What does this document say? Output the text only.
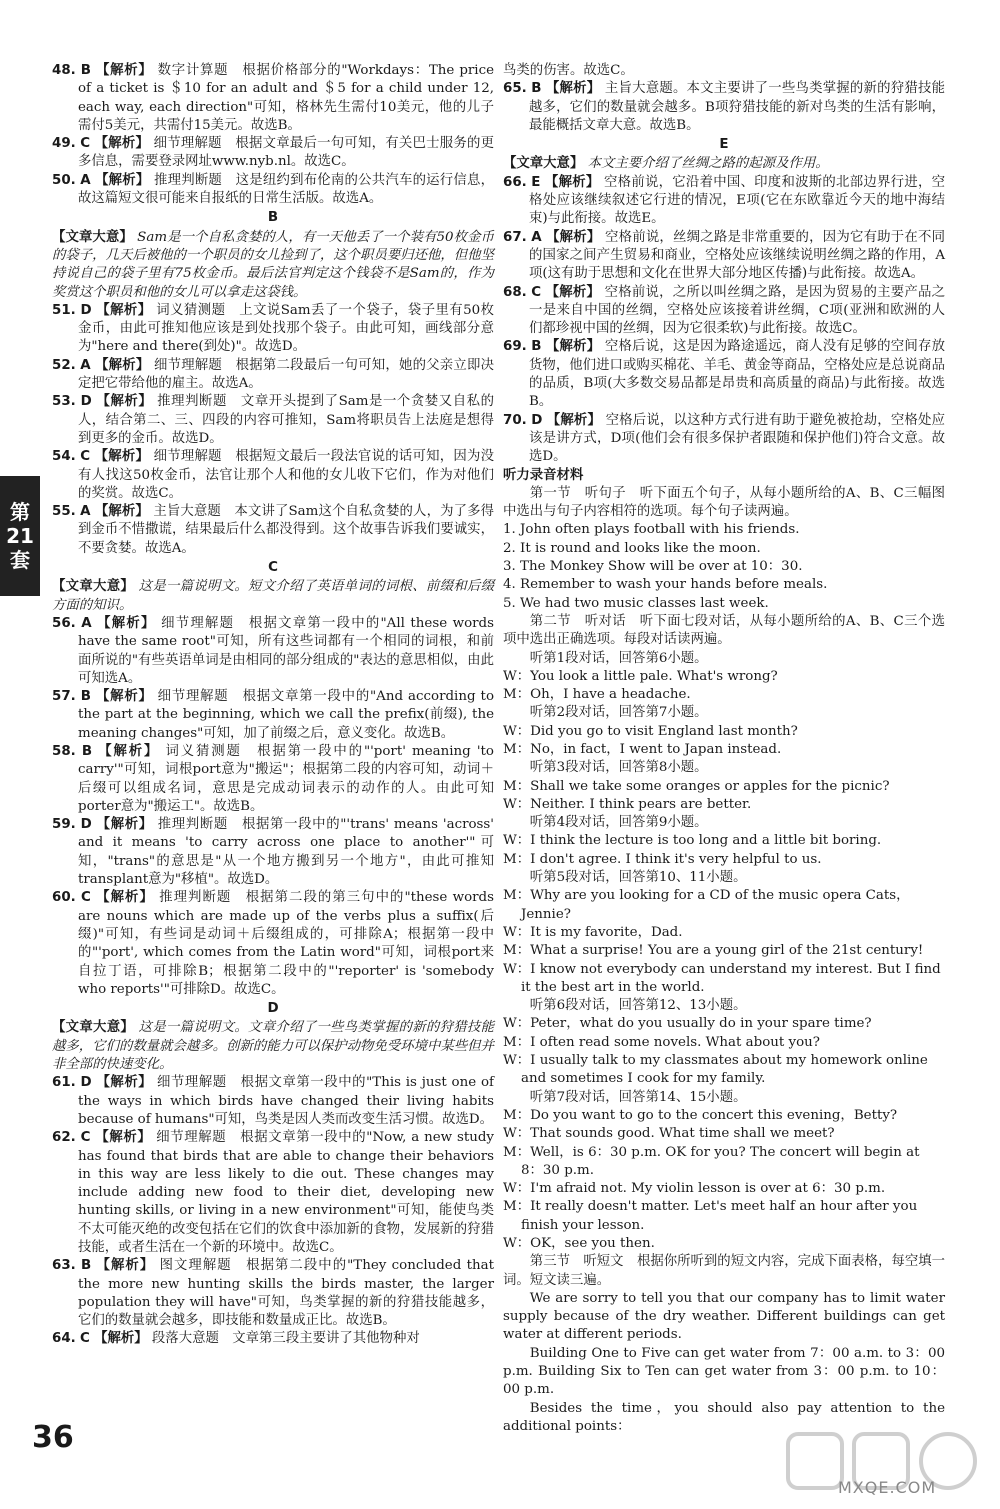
48. B 【解析】 数字计算题　根据价格部分的"Workdays：The price of a ticket is ＄10 for an adult and ＄5 for a child under 12, each way, each direction"可知，格林先生需付10美元，他的儿子需付5美元，共需付15美元。故选B。

49. C 【解析】 细节理解题　根据文章最后一句可知，有关巴士服务的更多信息，需要登录网址www.nyb.nl。故选C。

50. A 【解析】 推理判断题　这是纽约到布伦南的公共汽车的运行信息，故这篇短文很可能来自报纸的日常生活版。故选A。

B

【文章大意】 Sam是一个自私贪婪的人，有一天他丢了一个装有50枚金币的袋子，几天后被他的一个职员的女儿捡到了，这个职员要归还他，但他坚持说自己的袋子里有75枚金币。最后法官判定这个钱袋不是Sam的，作为奖赏这个职员和他的女儿可以拿走这袋钱。

51. D 【解析】 词义猜测题　上文说Sam丢了一个袋子，袋子里有50枚金币，由此可推知他应该是到处找那个袋子。由此可知，画线部分意为"here and there(到处)"。故选D。

52. A 【解析】 细节理解题　根据第二段最后一句可知，她的父亲立即决定把它带给他的雇主。故选A。

53. D 【解析】 推理判断题　文章开头提到了Sam是一个贪婪又自私的人，结合第二、三、四段的内容可推知，Sam将职员告上法庭是想得到更多的金币。故选D。

54. C 【解析】 细节理解题　根据短文最后一段法官说的话可知，因为没有人找这50枚金币，法官让那个人和他的女儿收下它们，作为对他们的奖赏。故选C。

55. A 【解析】 主旨大意题　本文讲了Sam这个自私贪婪的人，为了多得到金币不惜撒谎，结果最后什么都没得到。这个故事告诉我们要诚实，不要贪婪。故选A。

C

【文章大意】 这是一篇说明文。短文介绍了英语单词的词根、前缀和后缀方面的知识。

56. A 【解析】 细节理解题　根据文章第一段中的"All these words have the same root"可知，所有这些词都有一个相同的词根，和前面所说的"有些英语单词是由相同的部分组成的"表达的意思相似，由此可知选A。

57. B 【解析】 细节理解题　根据文章第一段中的"And according to the part at the beginning, which we call the prefix(前缀), the meaning changes"可知，加了前缀之后，意义变化。故选B。

58. B 【解析】 词义猜测题　根据第一段中的"'port' meaning 'to carry'"可知，词根port意为"搬运"；根据第二段的内容可知，动词＋后缀可以组成名词，意思是完成动词表示的动作的人。由此可知porter意为"搬运工"。故选B。

59. D 【解析】 推理判断题　根据第一段中的"'trans' means 'across' and it means 'to carry across one place to another'"可知，"trans"的意思是"从一个地方搬到另一个地方"，由此可推知transplant意为"移植"。故选D。

60. C 【解析】 推理判断题　根据第二段的第三句中的"these words are nouns which are made up of the verbs plus a suffix(后缀)"可知，有些词是动词＋后缀组成的，可排除A；根据第一段中的"'port', which comes from the Latin word"可知，词根port来自拉丁语，可排除B；根据第二段中的"'reporter' is 'somebody who reports'"可排除D。故选C。

D

【文章大意】 这是一篇说明文。文章介绍了一些鸟类掌握的新的狩猎技能越多，它们的数量就会越多。创新的能力可以保护动物免受环境中某些但并非全部的快速变化。

61. D 【解析】 细节理解题　根据文章第一段中的"This is just one of the ways in which birds have changed their living habits because of humans"可知，鸟类是因人类而改变生活习惯。故选D。

62. C 【解析】 细节理解题　根据文章第一段中的"Now, a new study has found that birds that are able to change their behaviors in this way are less likely to die out. These changes may include adding new food to their diet, developing new hunting skills, or living in a new environment"可知，能使鸟类不太可能灭绝的改变包括在它们的饮食中添加新的食物，发展新的狩猎技能，或者生活在一个新的环境中。故选C。

63. B 【解析】 图文理解题　根据第二段中的"They concluded that the more new hunting skills the birds master, the larger population they will have"可知，鸟类掌握的新的狩猎技能越多，它们的数量就会越多，即技能和数量成正比。故选B。

64. C 【解析】 段落大意题　文章第三段主要讲了其他物种对

鸟类的伤害。故选C。

65. B 【解析】 主旨大意题。本文主要讲了一些鸟类掌握的新的狩猎技能越多，它们的数量就会越多。B项狩猎技能的新对鸟类的生活有影响，最能概括文章大意。故选B。

E

【文章大意】 本文主要介绍了丝绸之路的起源及作用。

66. E 【解析】 空格前说，它沿着中国、印度和波斯的北部边界行进，空格处应该继续叙述它行进的情况，E项(它在东欧靠近今天的地中海结束)与此衔接。故选E。

67. A 【解析】 空格前说，丝绸之路是非常重要的，因为它有助于在不同的国家之间产生贸易和商业，空格处应该继续说明丝绸之路的作用，A项(这有助于思想和文化在世界大部分地区传播)与此衔接。故选A。

68. C 【解析】 空格前说，之所以叫丝绸之路，是因为贸易的主要产品之一是来自中国的丝绸，空格处应该接着讲丝绸，C项(亚洲和欧洲的人们都珍视中国的丝绸，因为它很柔软)与此衔接。故选C。

69. B 【解析】 空格后说，这是因为路途遥远，商人没有足够的空间存放货物，他们进口或购买棉花、羊毛、黄金等商品，空格处应是总说商品的品质，B项(大多数交易品都是昂贵和高质量的商品)与此衔接。故选B。

70. D 【解析】 空格后说，以这种方式行进有助于避免被抢劫，空格处应该是讲方式，D项(他们会有很多保护者跟随和保护他们)符合文意。故选D。

听力录音材料

第一节　听句子　听下面五个句子，从每小题所给的A、B、C三幅图中选出与句子内容相符的选项。每个句子读两遍。

1. John often plays football with his friends.

2. It is round and looks like the moon.

3. The Monkey Show will be over at 10：30.

4. Remember to wash your hands before meals.

5. We had two music classes last week.

第二节　听对话　听下面七段对话，从每小题所给的A、B、C三个选项中选出正确选项。每段对话读两遍。

听第1段对话，回答第6小题。

W：You look a little pale. What's wrong?

M：Oh，I have a headache.

听第2段对话，回答第7小题。

W：Did you go to visit England last month?

M：No，in fact，I went to Japan instead.

听第3段对话，回答第8小题。

M：Shall we take some oranges or apples for the picnic?

W：Neither. I think pears are better.

听第4段对话，回答第9小题。

W：I think the lecture is too long and a little bit boring.

M：I don't agree. I think it's very helpful to us.

听第5段对话，回答第10、11小题。

M：Why are you looking for a CD of the music opera Cats，Jennie?

W：It is my favorite，Dad.

M：What a surprise! You are a young girl of the 21st century!

W：I know not everybody can understand my interest. But I find it the best art in the world.

听第6段对话，回答第12、13小题。

W：Peter，what do you usually do in your spare time?

M：I often read some novels. What about you?

W：I usually talk to my classmates about my homework online and sometimes I cook for my family.

听第7段对话，回答第14、15小题。

M：Do you want to go to the concert this evening，Betty?

W：That sounds good. What time shall we meet?

M：Well，is 6：30 p.m. OK for you? The concert will begin at 8：30 p.m.

W：I'm afraid not. My violin lesson is over at 6：30 p.m.

M：It really doesn't matter. Let's meet half an hour after you finish your lesson.

W：OK，see you then.

第三节　听短文　根据你所听到的短文内容，完成下面表格，每空填一词。短文读三遍。

We are sorry to tell you that our company has to limit water supply because of the dry weather. Different buildings can get water at different periods.

Building One to Five can get water from 7：00 a.m. to 3：00 p.m. Building Six to Ten can get water from 3：00 p.m. to 10：00 p.m.

Besides the time，you should also pay attention to the additional points：

第
21
套
36
MXQE.COM
